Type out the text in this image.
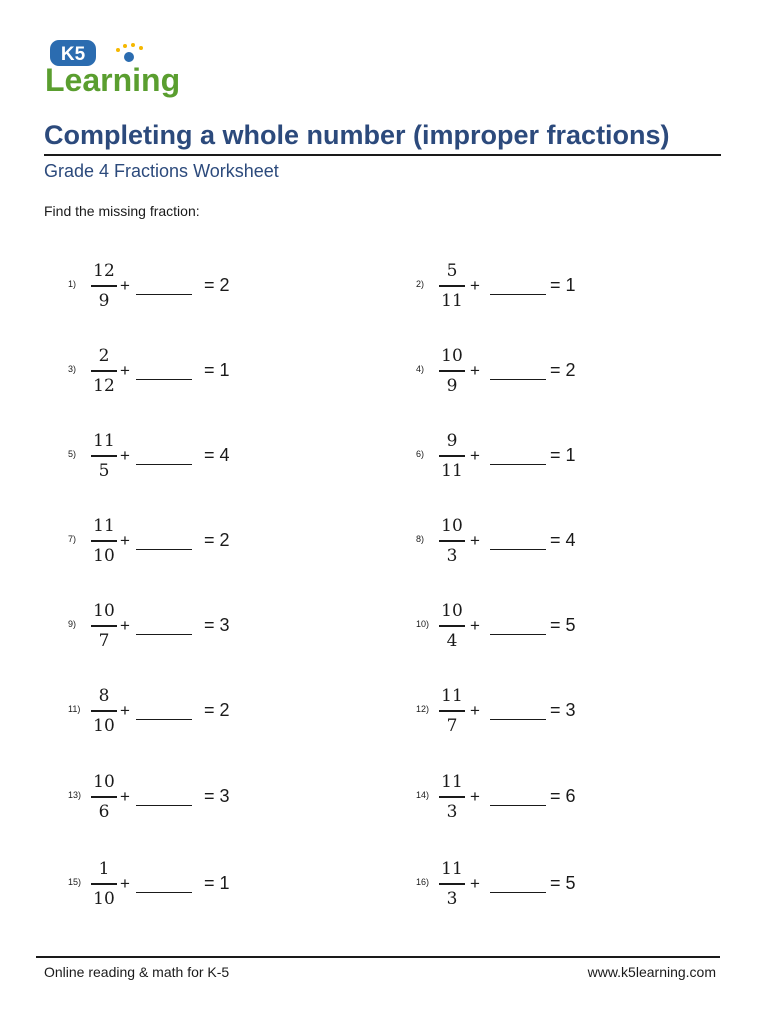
K5
Learning
Completing a whole number (improper fractions)
Grade 4 Fractions Worksheet
Find the missing fraction:
1)
12
9
+	= 2	2)
5
11
+	= 1
3)
2
12
+	= 1	4)
10
9
+	= 2
5)
11
5
+	= 4	6)
9
11
+	= 1
7)
11
10
+	= 2	8)
10
3
+	= 4
9)
10
7
+	= 3	10)
10
4
+	= 5
11)
8
10
+	= 2	12)
11
7
+	= 3
13)
10
6
+	= 3	14)
11
3
+	= 6
15)
1
10
+	= 1	16)
11
3
+	= 5
Online reading & math for K-5	www.k5learning.com
